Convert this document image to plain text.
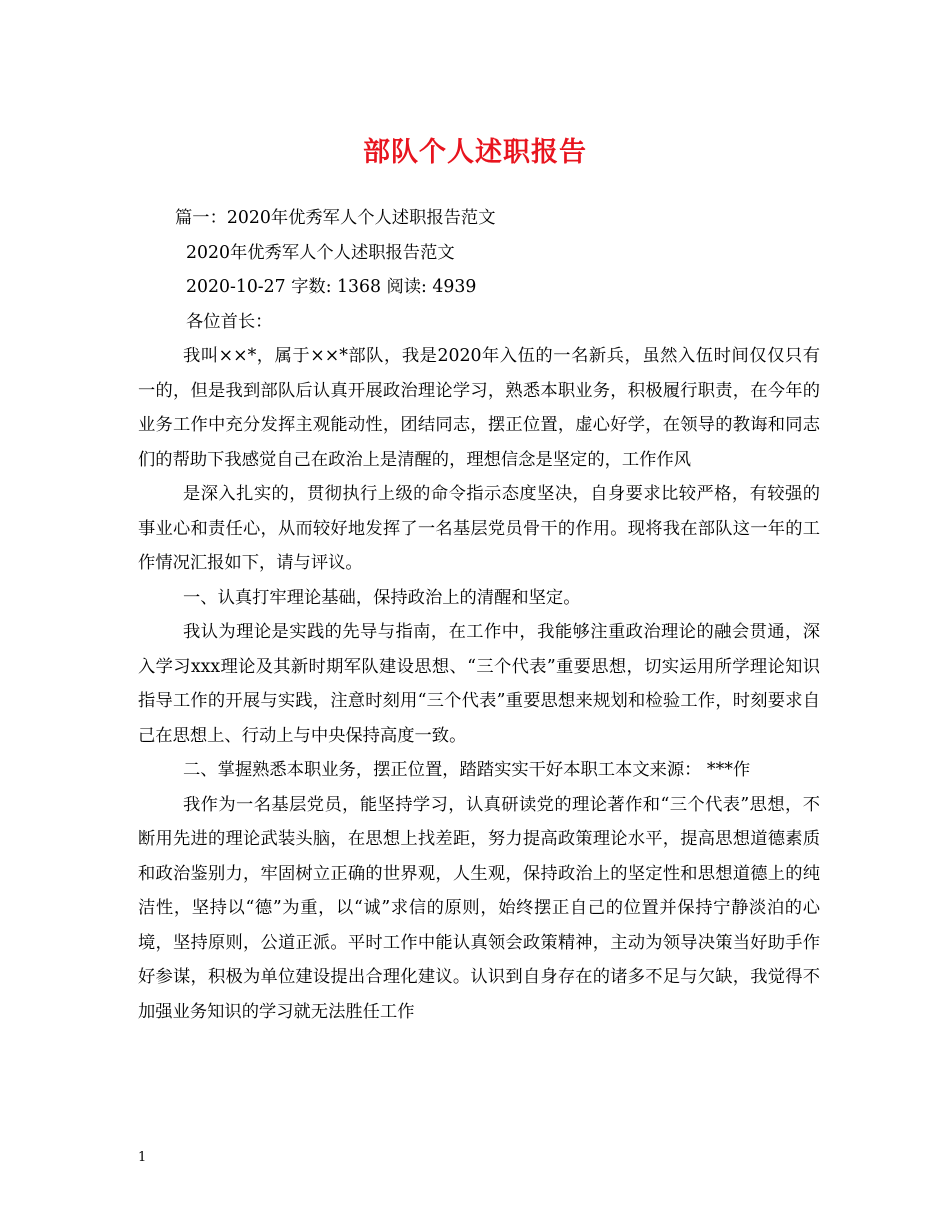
部队个人述职报告

篇一：2020年优秀军人个人述职报告范文

2020年优秀军人个人述职报告范文

2020-10-27 字数: 1368 阅读: 4939

各位首长：

我叫××*，属于××*部队，我是2020年入伍的一名新兵，虽然入伍时间仅仅只有一的，但是我到部队后认真开展政治理论学习，熟悉本职业务，积极履行职责，在今年的业务工作中充分发挥主观能动性，团结同志，摆正位置，虚心好学，在领导的教诲和同志们的帮助下我感觉自己在政治上是清醒的，理想信念是坚定的，工作作风

是深入扎实的，贯彻执行上级的命令指示态度坚决，自身要求比较严格，有较强的事业心和责任心，从而较好地发挥了一名基层党员骨干的作用。现将我在部队这一年的工作情况汇报如下，请与评议。

一、认真打牢理论基础，保持政治上的清醒和坚定。

我认为理论是实践的先导与指南，在工作中，我能够注重政治理论的融会贯通，深入学习xxx理论及其新时期军队建设思想、“三个代表”重要思想，切实运用所学理论知识指导工作的开展与实践，注意时刻用“三个代表”重要思想来规划和检验工作，时刻要求自己在思想上、行动上与中央保持高度一致。

二、掌握熟悉本职业务，摆正位置，踏踏实实干好本职工本文来源： ***作

我作为一名基层党员，能坚持学习，认真研读党的理论著作和“三个代表”思想，不断用先进的理论武装头脑，在思想上找差距，努力提高政策理论水平，提高思想道德素质和政治鉴别力，牢固树立正确的世界观，人生观，保持政治上的坚定性和思想道德上的纯洁性，坚持以“德”为重，以“诚”求信的原则，始终摆正自己的位置并保持宁静淡泊的心境，坚持原则，公道正派。平时工作中能认真领会政策精神，主动为领导决策当好助手作好参谋，积极为单位建设提出合理化建议。认识到自身存在的诸多不足与欠缺，我觉得不加强业务知识的学习就无法胜任工作

1
